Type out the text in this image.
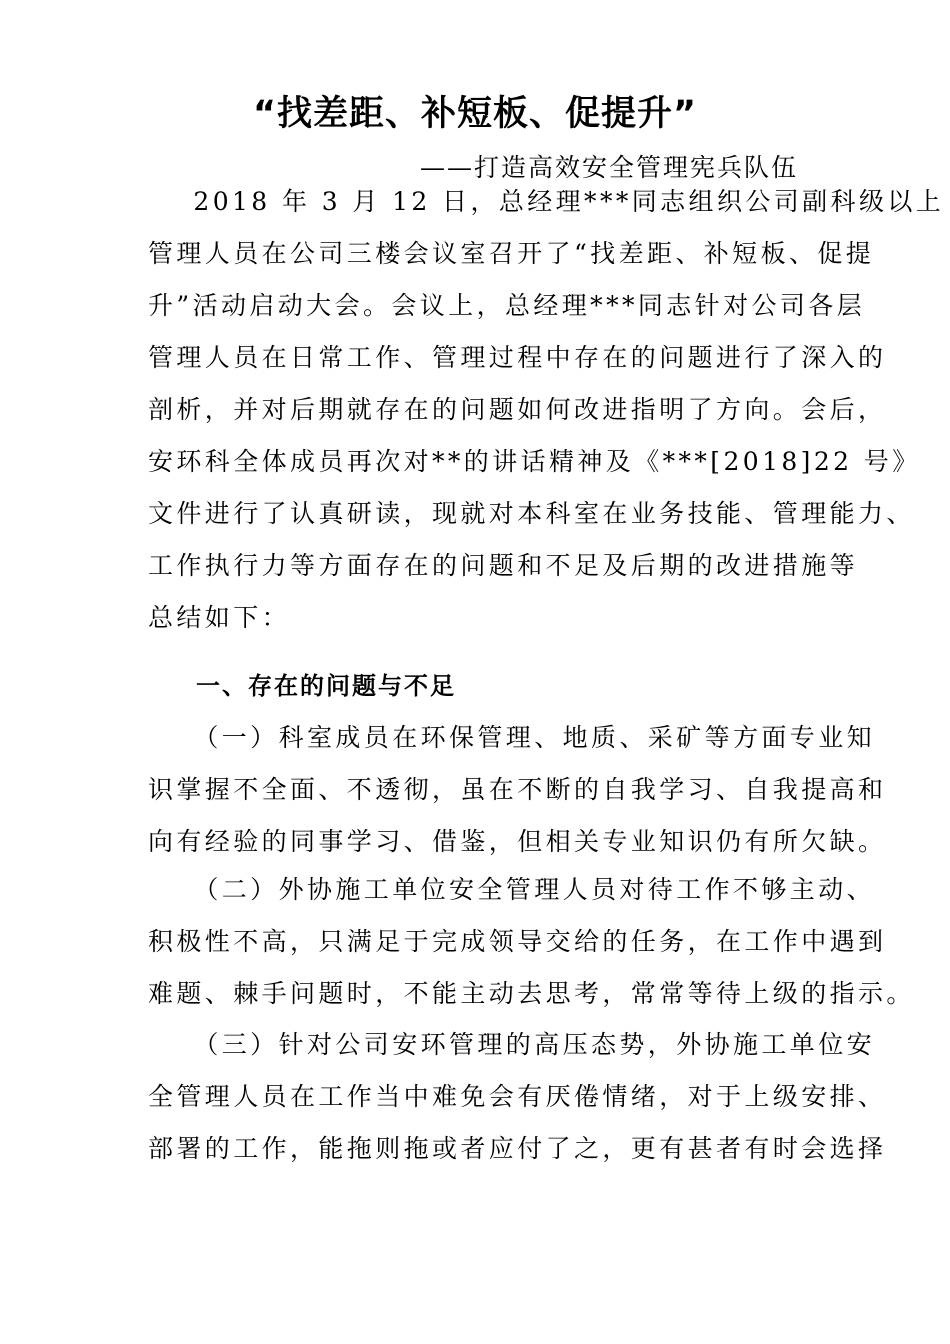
“找差距、补短板、促提升”
——打造高效安全管理宪兵队伍
2018 年 3 月 12 日，总经理***同志组织公司副科级以上
管理人员在公司三楼会议室召开了“找差距、补短板、促提
升”活动启动大会。会议上，总经理***同志针对公司各层
管理人员在日常工作、管理过程中存在的问题进行了深入的
剖析，并对后期就存在的问题如何改进指明了方向。会后，
安环科全体成员再次对**的讲话精神及《***[2018]22 号》
文件进行了认真研读，现就对本科室在业务技能、管理能力、
工作执行力等方面存在的问题和不足及后期的改进措施等
总结如下：
一、存在的问题与不足
（一）科室成员在环保管理、地质、采矿等方面专业知
识掌握不全面、不透彻，虽在不断的自我学习、自我提高和
向有经验的同事学习、借鉴，但相关专业知识仍有所欠缺。
（二）外协施工单位安全管理人员对待工作不够主动、
积极性不高，只满足于完成领导交给的任务，在工作中遇到
难题、棘手问题时，不能主动去思考，常常等待上级的指示。
（三）针对公司安环管理的高压态势，外协施工单位安
全管理人员在工作当中难免会有厌倦情绪，对于上级安排、
部署的工作，能拖则拖或者应付了之，更有甚者有时会选择
